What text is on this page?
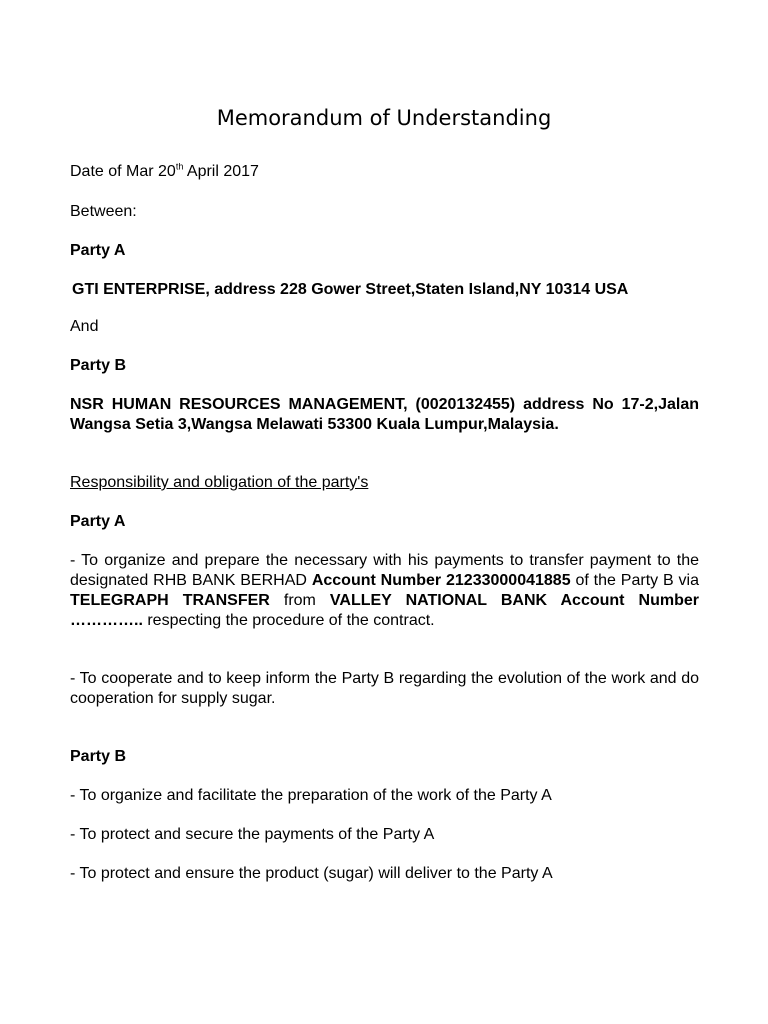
Memorandum of Understanding
Date of Mar 20th April 2017
Between:
Party A
GTI ENTERPRISE, address 228 Gower Street,Staten Island,NY 10314 USA
And
Party B
NSR HUMAN RESOURCES MANAGEMENT, (0020132455) address No 17-2,Jalan Wangsa Setia 3,Wangsa Melawati 53300 Kuala Lumpur,Malaysia.
Responsibility and obligation of the party's
Party A
- To organize and prepare the necessary with his payments to transfer payment to the designated RHB BANK BERHAD Account Number 21233000041885 of the Party B via TELEGRAPH TRANSFER from VALLEY NATIONAL BANK Account Number ………….. respecting the procedure of the contract.
- To cooperate and to keep inform the Party B regarding the evolution of the work and do cooperation for supply sugar.
Party B
- To organize and facilitate the preparation of the work of the Party A
- To protect and secure the payments of the Party A
- To protect and ensure the product (sugar) will deliver to the Party A
